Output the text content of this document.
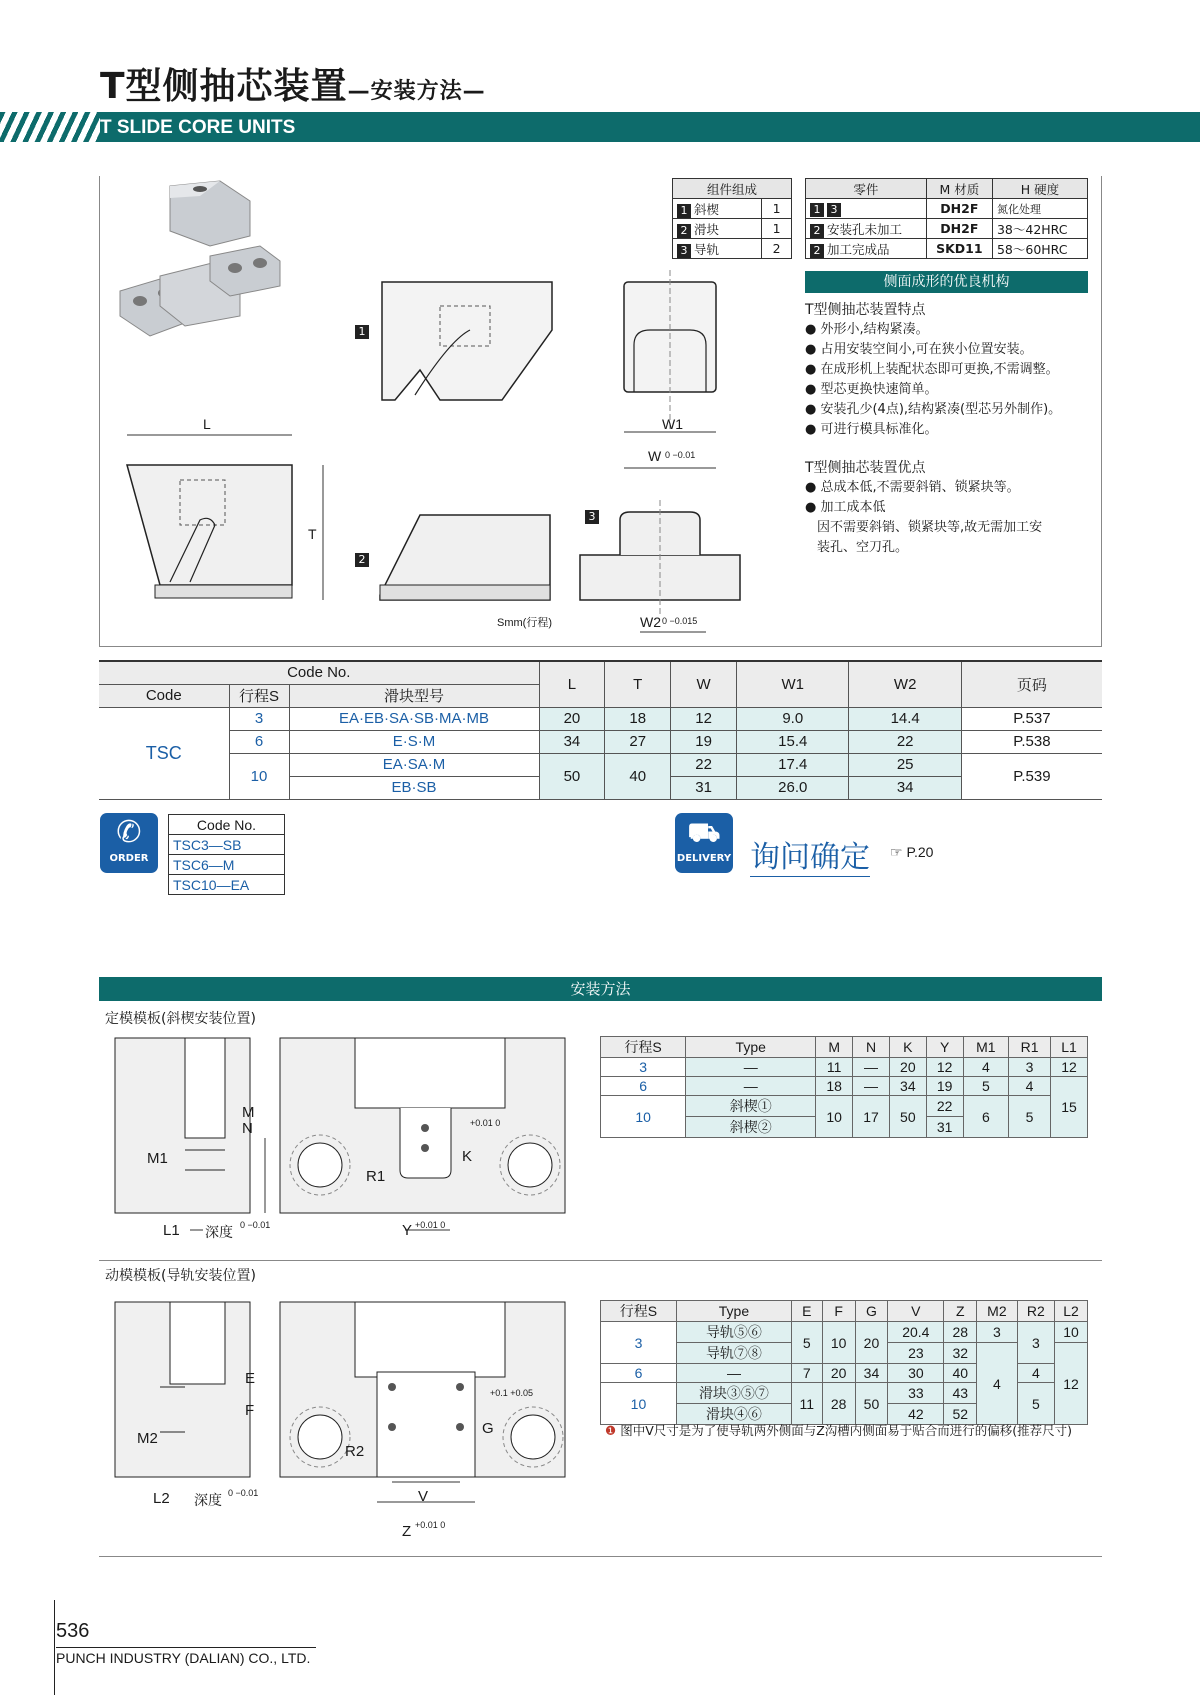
T型侧抽芯装置—安装方法—
T SLIDE CORE UNITS
L
T
W1
W 0 −0.01
W2 0 −0.015
Smm(行程)
1
2
3
组件组成	
1 斜楔	1
2 滑块	1
3 导轨	2
零件	M 材质	H 硬度
1 3	DH2F	氮化处理
2 安装孔未加工	DH2F	38～42HRC
2 加工完成品	SKD11	58～60HRC
侧面成形的优良机构
T型侧抽芯装置特点
● 外形小,结构紧凑。
● 占用安装空间小,可在狭小位置安装。
● 在成形机上装配状态即可更换,不需调整。
● 型芯更换快速简单。
● 安装孔少(4点),结构紧凑(型芯另外制作)。
● 可进行模具标准化。
T型侧抽芯装置优点
● 总成本低,不需要斜销、锁紧块等。
● 加工成本低
因不需要斜销、锁紧块等,故无需加工安
装孔、空刀孔。
Code No.			L	T	W	W1	W2	页码
Code	行程S	滑块型号						
TSC	3	EA·EB·SA·SB·MA·MB	20	18	12	9.0	14.4	P.537
	6	E·S·M	34	27	19	15.4	22	P.538
	10	EA·SA·M	50	40	22	17.4	25	P.539
		EB·SB			31	26.0	34	
✆
ORDER
Code No.
TSC3—SB
TSC6—M
TSC10—EA
⛟
DELIVERY 询问确定 ☞ P.20
安装方法
定模模板(斜楔安装位置)
M1
L1 深度 0 −0.01
N
M
K
+0.01 0
R1
Y +0.01 0
行程S	Type	M	N	K	Y	M1	R1	L1
3	—	11	—	20	12	4	3	12
6	—	18	—	34	19	5	4	15
10	斜楔①	10	17	50	22	6	5	
	斜楔②				31			
动模模板(导轨安装位置)
M2
L2 深度 0 −0.01
E
F
G
+0.1 +0.05
R2
V
Z +0.01 0
行程S	Type	E	F	G	V	Z	M2	R2	L2
3	导轨⑤⑥	5	10	20	20.4	28	3	3	10
	导轨⑦⑧				23	32	4		12
6	—	7	20	34	30	40		4	
10	滑块③⑤⑦	11	28	50	33	43		5	
	滑块④⑥				42	52			
❶ 图中V尺寸是为了使导轨两外侧面与Z沟槽内侧面易于贴合而进行的偏移(推荐尺寸)
536
PUNCH INDUSTRY (DALIAN) CO., LTD.
